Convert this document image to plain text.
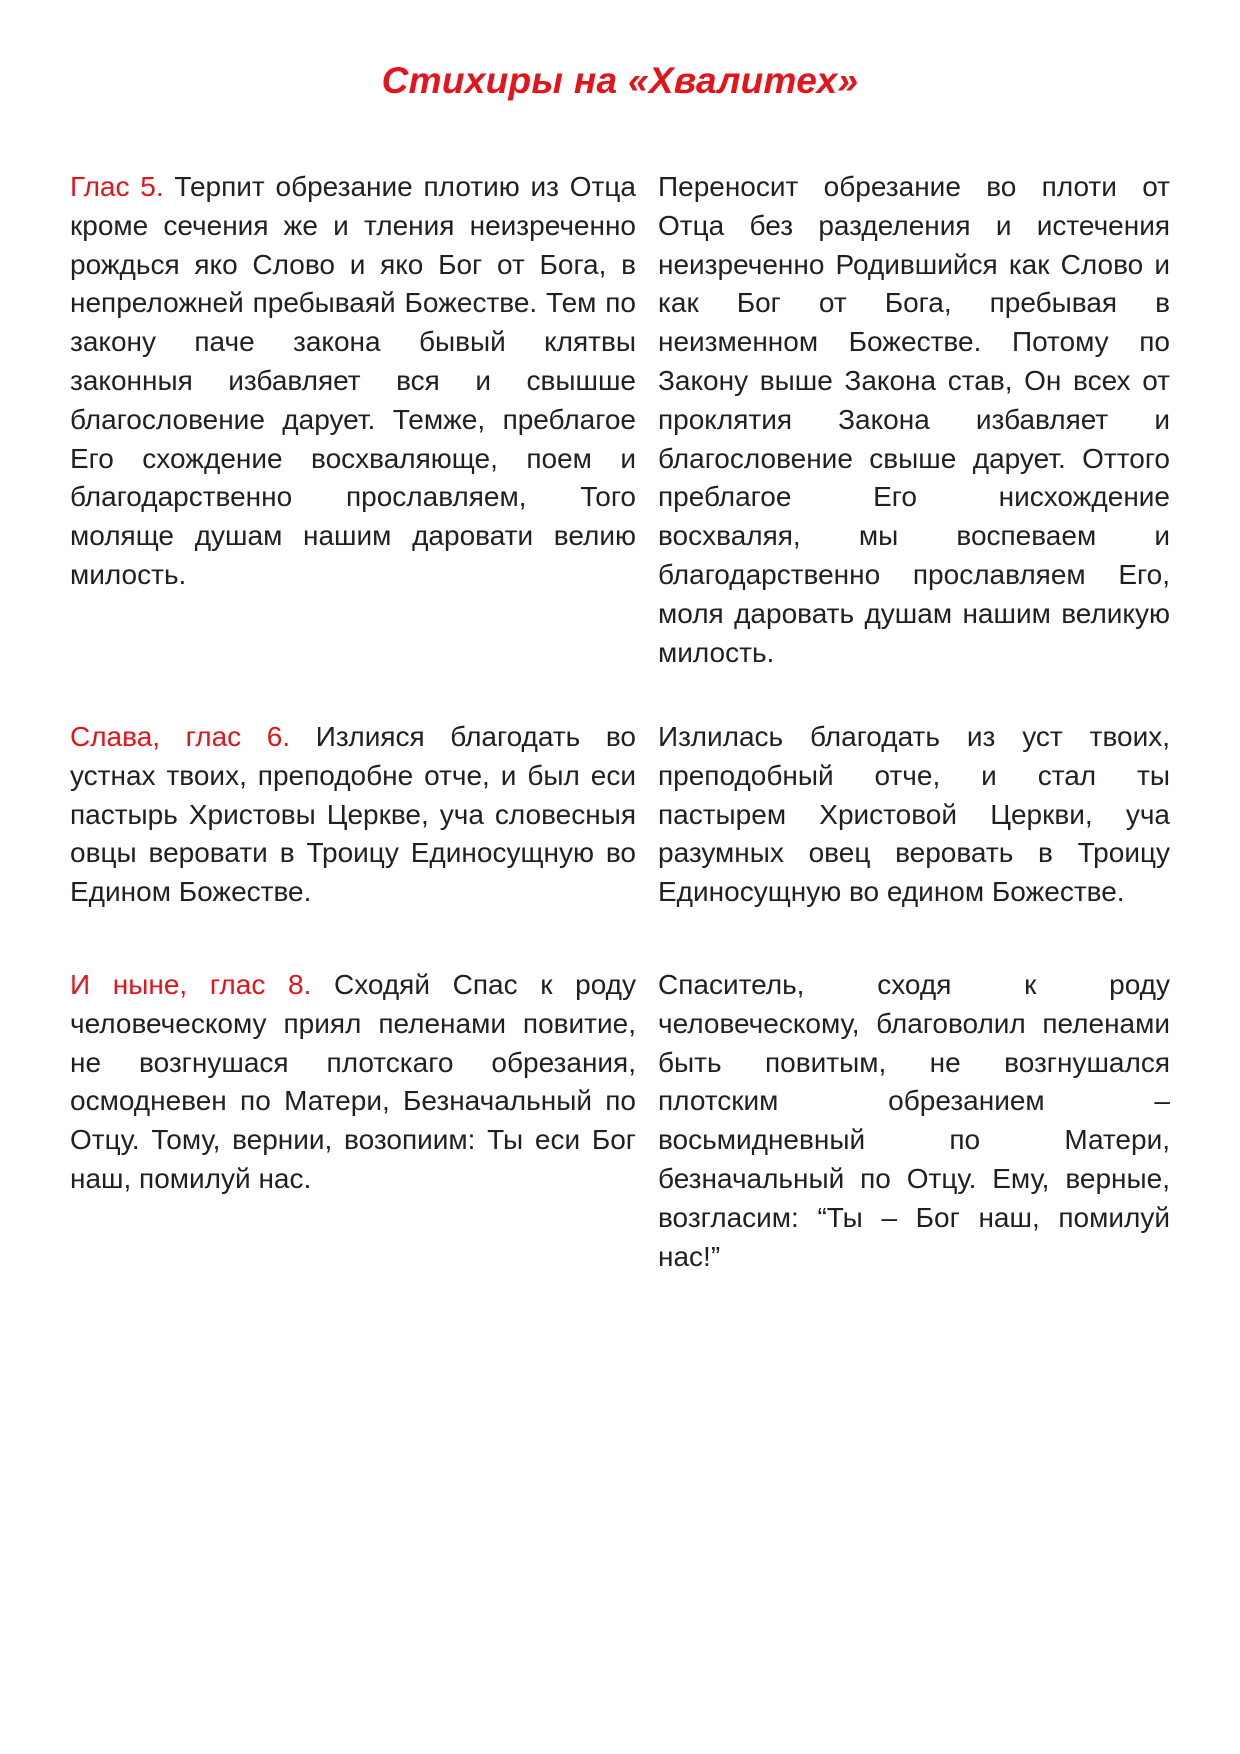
Стихиры на «Хвалитех»
Глас 5. Терпит обрезание плотию из Отца кроме сечения же и тления неизреченно рождься яко Слово и яко Бог от Бога, в непреложней пребываяй Божестве. Тем по закону паче закона бывый клятвы законныя избавляет вся и свышше благословение дарует. Темже, преблагое Его схождение восхваляюще, поем и благодарственно прославляем, Того моляще душам нашим даровати велию милость.
Переносит обрезание во плоти от Отца без разделения и истечения неизреченно Родившийся как Слово и как Бог от Бога, пребывая в неизменном Божестве. Потому по Закону выше Закона став, Он всех от проклятия Закона избавляет и благословение свыше дарует. Оттого преблагое Его нисхождение восхваляя, мы воспеваем и благодарственно прославляем Его, моля даровать душам нашим великую милость.
Слава, глас 6. Излияся благодать во устнах твоих, преподобне отче, и был еси пастырь Христовы Церкве, уча словесныя овцы веровати в Троицу Единосущную во Едином Божестве.
Излилась благодать из уст твоих, преподобный отче, и стал ты пастырем Христовой Церкви, уча разумных овец веровать в Троицу Единосущную во едином Божестве.
И ныне, глас 8. Сходяй Спас к роду человеческому приял пеленами повитие, не возгнушася плотскаго обрезания, осмодневен по Матери, Безначальный по Отцу. Тому, вернии, возопиим: Ты еси Бог наш, помилуй нас.
Спаситель, сходя к роду человеческому, благоволил пеленами быть повитым, не возгнушался плотским обрезанием – восьмидневный по Матери, безначальный по Отцу. Ему, верные, возгласим: “Ты – Бог наш, помилуй нас!”
